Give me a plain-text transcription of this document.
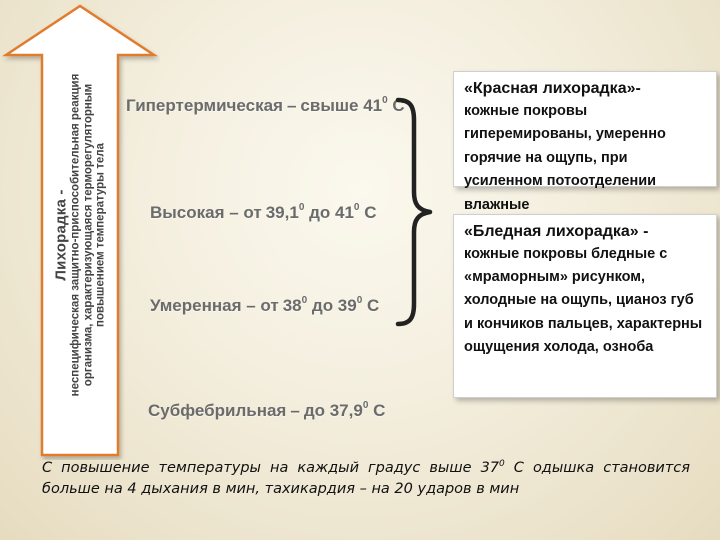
Лихорадка - неспецифическая защитно-приспособительная реакция организма, характеризующаяся терморегуляторным повышением температуры тела
Гипертермическая – свыше $41^0$ С
Высокая – от 39,1$^0$ до $41^0$ С
Умеренная – от $38^0$ до $39^0$ С
Субфебрильная – до 37,9$^0$ С
«Красная лихорадка»-
кожные покровы гиперемированы, умеренно горячие на ощупь, при усиленном потоотделении влажные
«Бледная лихорадка» -
кожные покровы бледные с «мраморным» рисунком, холодные на ощупь, цианоз губ и кончиков пальцев, характерны ощущения холода, озноба
С повышение температуры на каждый градус выше $37^0$ С одышка становится больше на 4 дыхания в мин, тахикардия – на 20 ударов в мин
